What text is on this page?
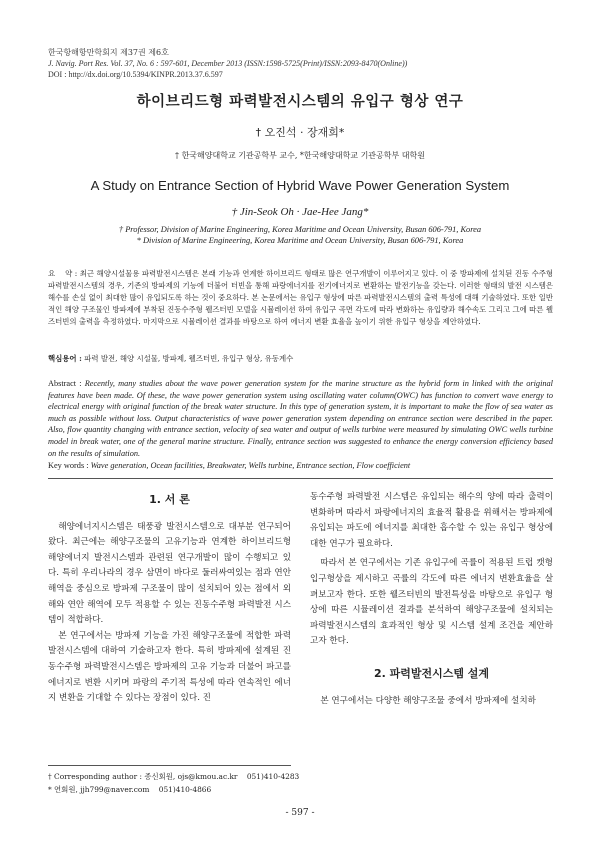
한국항해항만학회지 제37권 제6호
J. Navig. Port Res. Vol. 37, No. 6 : 597-601, December 2013 (ISSN:1598-5725(Print)/ISSN:2093-8470(Online))
DOI : http://dx.doi.org/10.5394/KINPR.2013.37.6.597
하이브리드형 파력발전시스템의 유입구 형상 연구
† 오진석 · 장재희*
† 한국해양대학교 기관공학부 교수, *한국해양대학교 기관공학부 대학원
A Study on Entrance Section of Hybrid Wave Power Generation System
† Jin-Seok Oh · Jae-Hee Jang*
† Professor, Division of Marine Engineering, Korea Maritime and Ocean University, Busan 606-791, Korea
* Division of Marine Engineering, Korea Maritime and Ocean University, Busan 606-791, Korea
요    약 : 최근 해양시설물용 파력발전시스템은 본래 기능과 연계한 하이브리드 형태로 많은 연구개발이 이루어지고 있다. 이 중 방파제에 설치된 진동 수주형 파력발전시스템의 경우, 기존의 방파제의 기능에 더불어 터빈을 통해 파랑에너지를 전기에너지로 변환하는 발전기능을 갖는다. 이러한 형태의 발전 시스템은 해수를 손실 없이 최대한 많이 유입되도록 하는 것이 중요하다. 본 논문에서는 유입구 형상에 따른 파력발전시스템의 출력 특성에 대해 기술하였다. 또한 일반적인 해양 구조물인 방파제에 부착된 진동수주형 웰즈터빈 모델을 시뮬레이션 하여 유입구 곡면 각도에 따라 변화하는 유입량과 해수속도 그리고 그에 따른 웰즈터빈의 출력을 측정하였다. 마지막으로 시뮬레이션 결과를 바탕으로 하여 에너지 변환 효율을 높이기 위한 유입구 형상을 제안하였다.
핵심용어 : 파력 발전, 해양 시설물, 방파제, 웰즈터빈, 유입구 형상, 유동계수
Abstract : Recently, many studies about the wave power generation system for the marine structure as the hybrid form in linked with the original features have been made. Of these, the wave power generation system using oscillating water column(OWC) has function to convert wave energy to electrical energy with original function of the break water structure. In this type of generation system, it is important to make the flow of sea water as much as possible without loss. Output characteristics of wave power generation system depending on entrance section were described in the paper. Also, flow quantity changing with entrance section, velocity of sea water and output of wells turbine were measured by simulating OWC wells turbine model in break water, one of the general marine structure. Finally, entrance section was suggested to enhance the energy conversion efficiency based on the results of simulation.
Key words : Wave generation, Ocean facilities, Breakwater, Wells turbine, Entrance section, Flow coefficient
1. 서 론

해양에너지시스템은 태풍광 발전시스템으로 대부분 연구되어 왔다. 최근에는 해양구조물의 고유기능과 연계한 하이브리드형 해양에너지 발전시스템과 관련된 연구개발이 많이 수행되고 있다. 특히 우리나라의 경우 삼면이 바다로 둘러싸여있는 점과 연안 해역을 중심으로 방파제 구조물이 많이 설치되어 있는 점에서 외해와 연안 해역에 모두 적용할 수 있는 진동수주형 파력발전 시스템이 적합하다.

본 연구에서는 방파제 기능을 가진 해양구조물에 적합한 파력발전시스템에 대하여 기술하고자 한다. 특히 방파제에 설계된 진동수주형 파력발전시스템은 방파제의 고유 기능과 더불어 파고를 에너지로 변환 시키며 파랑의 주기적 특성에 따라 연속적인 에너지 변환을 기대할 수 있다는 장점이 있다. 진

동수주형 파력발전 시스템은 유입되는 해수의 양에 따라 출력이 변화하며 따라서 파랑에너지의 효율적 활용을 위해서는 방파제에 유입되는 파도에 에너지를 최대한 흡수할 수 있는 유입구 형상에 대한 연구가 필요하다.

따라서 본 연구에서는 기존 유입구에 곡률이 적용된 트럽 캣형 입구형상을 제시하고 곡률의 각도에 따른 에너지 변환효율을 살펴보고자 한다. 또한 웰즈터빈의 발전특성을 바탕으로 유입구 형상에 따른 시뮬레이션 결과를 분석하여 해양구조물에 설치되는 파력발전시스템의 효과적인 형상 및 시스템 설계 조건을 제안하고자 한다.

2. 파력발전시스템 설계

본 연구에서는 다양한 해양구조물 중에서 방파제에 설치하

† Corresponding author : 종신회원, ojs@kmou.ac.kr    051)410-4283
* 연회원, jjh799@naver.com    051)410-4866
- 597 -
